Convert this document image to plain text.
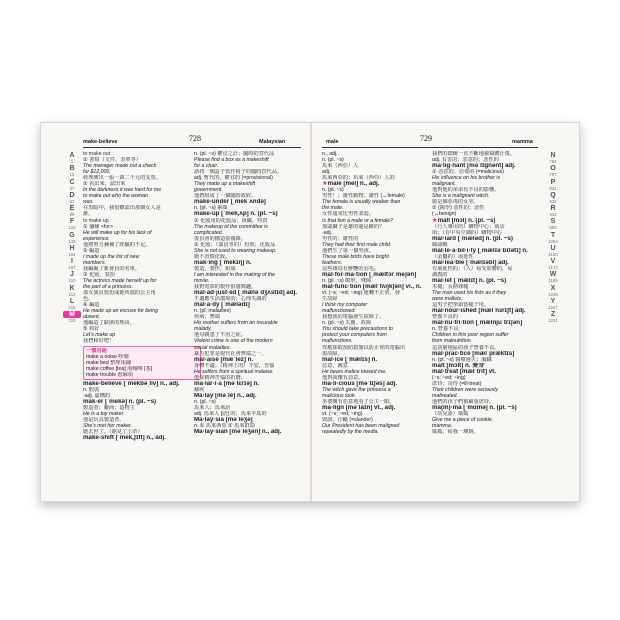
make-believe	728	Malaysian
A
1
B
15
C
37
D
67
E
89
F
122
G
149
H
164
I
187
J
210
K
212
L
215
M
722
to make out
① 書寫（文件、表單等）
The manager made out a check
for $12,000.
經理開出一張一萬二千元的支票。
② 看出來、認出來
In the darkness it was hard for me
to make out who the woman
was.
在黑暗中，我很難認出那個女人是
誰。
to make up
① 彌補 <for>
He will make up for his lack of
experience.
他將努力彌補了經驗的不足。
② 編造
I made up the list of new
members.
我編擬了新會員的名單。
③ 化妝、裝扮
The actress made herself up for
the part of a princess.
那女演員裝扮成她所演的公主角
色。
④ 編造
He made up an excuse for being
absent.
他編造了缺席的理由。
⑤ 和好
Let's make up
我們和好吧！
一慣用語
make a noise 吵鬧
make bed 整理床鋪
make coffee [tea] 泡咖啡 [茶]
make trouble 惹麻煩
make-believe [ˈmekbəˌliv] n., adj.
n. 假裝
-adj. 虛構的
mak·er [ˈmekə] n. (pl. ~s)
製造者；廠商；造物主
He is a toy maker.
他是玩具製造者。
She's met her maker.
她去世了。（她見了上帝）
make-shift [ˈmek,ʃɪft] n., adj.
n. (pl. ~s) 權宜之計；臨時的替代品
Please find a box as a makeshift
for a chair.
請找一個盒子當作椅子的臨時替代品。
adj. 暫代的，權宜的 (=provisional)
They made up a makeshift
government.
他們組成了一個臨時政府。
make-under [ˌmekˈʌndə]
n. (pl. ~s) 素顏
make-up [ˈmek,ʌp] n. (pl. ~s)
① 化妝用的化妝品；組織，特質
The makeup of the committee is
complicated.
委員會的構造很複雜。
② 化妝；（演員等的）扮裝；化妝品
She is not used to wearing makeup.
她不習慣化妝。
mak·ing [ˈmekɪŋ] n.
製造，製作，組成
I am interested in the making of the
movie.
我對電影的製作很感興趣。
mal·ad·just·ed [ˌmæləˈdʒʌstɪd] adj.
不適應生活環境的；心理失調的
mal·a·dy [ˈmælədɪ]
n. (pl. maladies)
疾病；弊端
His mother suffers from an incurable
malady.
他母親患了不治之症。
Violent crime is one of the modern
social maladies.
暴力犯罪是現代社會弊端之一。
mal·aise [mæˈlez] n.
身體不適；（精神上的）不安，苦惱
He suffers from a spiritual malaise.
他受精神苦惱的折磨。
ma·lar·i·a [məˈlɛrɪə] n.
瘧疾
Ma·lay [məˈle] n., adj.
n. (pl. ~s)
馬來人；馬來語
adj. 馬來人 [語] 的；馬來半島的
Ma·lay·sia [məˈleʒə]
n. ① 馬來西亞 ② 馬來群島
Ma·lay·sian [məˈleʒən] n., adj.
male	729	mamma
n., adj.
n. (pl. ~s)
馬來（西亞）人
adj.
馬來西亞的；馬來（西亞）人的
★male [mel] n., adj.
n. (pl. ~s)
男性！；雄性動物，雄性 (↔female)
The female is usually weaker than
the male.
女性通常比男性柔弱。
Is that lion a male or a female?
那頭獅子是雄的還是雌的？
-adj.
男性的；雄性的
They had their first male child.
他們生了第一個男孩。
These male birds have bright
feathers.
這些雄鳥有鮮艷的羽毛。
mal·for·ma·tion [ˌmælfɔrˈmeʃən]
n. (pl. ~s) 畸形，殘障
mal·func·tion [mælˈfʌŋkʃən] vi., n.
vi. (~s; ~ed; ~ing) 運轉不正常，發
生故障
I think my computer
malfunctioned.
我想我的電腦發生故障了。
n. (pl. ~s) 失靈，故障
You should take precautions to
protect your computers from
malfunctions.
你應採取預防措施以防止你的電腦出
現故障。
mal·ice [ˈmælɪs] n.
惡意，敵意
He bears malice toward me.
他對我懷有惡意。
ma·li·cious [məˈlɪʃəs] adj.
The witch gave the princess a
malicious look.
巫婆懷有惡意地看了公主一眼。
ma·lign [məˈlaɪn] vt., adj.
vt. (~s; ~ed; ~ing)
毀謗，汙衊 (=slander)
Our President has been maligned
repeatedly by the media.
我們的總統一直不斷地被媒體汙蔑。
adj. 有害的；惡意的；惡性的
ma·lig·nant [məˈlɪgnənt] adj.
① 惡意的；惡毒的 (=malicious)
His influence on his brother is
malignant.
他對他的弟弟有不良的影響。
She is a malignant witch.
她是個惡毒的女巫。
② (醫學) 惡性的；惡性
(↔benign)
★mall [mɔl] n. (pl. ~s)
（行人專用的）購物中心；商店
街；（有中央空調的）購物中心
mal·lard [ˈmæləd] n. (pl. ~s)
綠頭鴨
mal·le·a·bil·i·ty [ˌmælɪəˈbɪlətɪ] n.
（金屬的）展延性
mal·lea·ble [ˈmælɪəbl] adj.
有展延性的；（人）易受影響的，易
調教的
mal·let [ˈmælɪt] n. (pl. ~s)
木槌；長柄球槌
The man used his fists as if they
were mallets.
這男子把拳頭當槌子用。
mal·nour·ished [mælˈnɜrɪʃt] adj.
營養不良的
mal·nu·tri·tion [ˌmælnjuˈtrɪʃən]
n. 營養不良
Children in this poor region suffer
from malnutrition.
這貧窮地區的孩子營養不良。
mal·prac·tice [mælˈpræktɪs]
n. (pl. ~s) 醫療過失；瀆職
malt [mɔlt] n. 麥芽
mal·treat [mælˈtrit] vt.
(~s; ~ed; ~ing)
虐待；苛待 (=ill-treat)
Their children were seriously
maltreated.
他們的孩子們被嚴重虐待。
ma(m)·ma [ˈmɑmə] n. (pl. ~s)
（幼兒語）媽媽
Give me a piece of cookie,
mamma.
媽媽，給我一塊餅。
N
784
O
797
P
831
Q
925
R
933
S
982
T
1094
U
1150
V
1173
W
1189
X
1225
Y
1227
Z
1231
